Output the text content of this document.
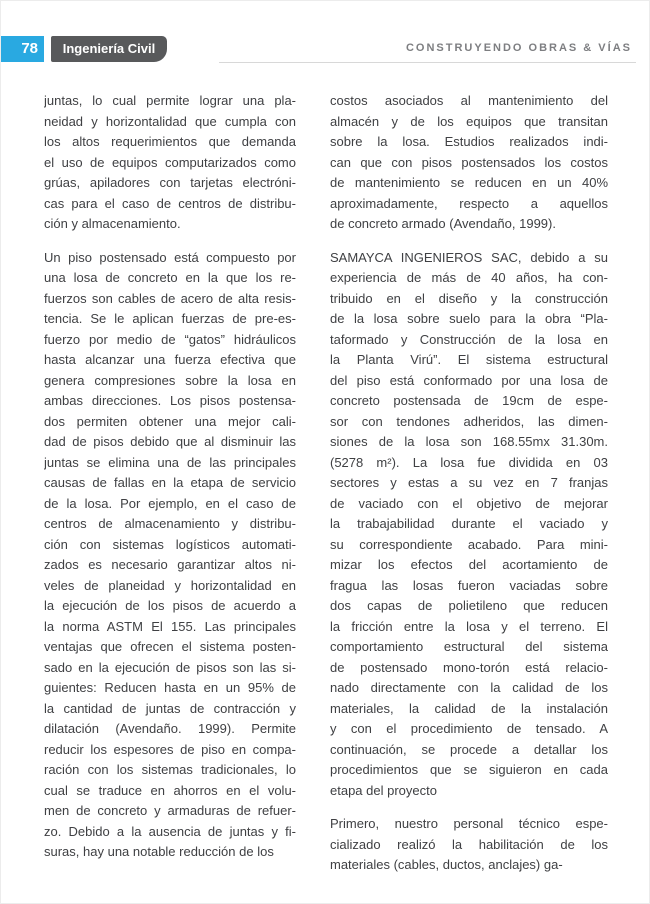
78	Ingeniería Civil	CONSTRUYENDO OBRAS & VÍAS
juntas, lo cual permite lograr una pla-
neidad y horizontalidad que cumpla con
los altos requerimientos que demanda
el uso de equipos computarizados como
grúas, apiladores con tarjetas electróni-
cas para el caso de centros de distribu-
ción y almacenamiento.
Un piso postensado está compuesto por
una losa de concreto en la que los re-
fuerzos son cables de acero de alta resis-
tencia. Se le aplican fuerzas de pre-es-
fuerzo por medio de “gatos” hidráulicos
hasta alcanzar una fuerza efectiva que
genera compresiones sobre la losa en
ambas direcciones. Los pisos postensa-
dos permiten obtener una mejor cali-
dad de pisos debido que al disminuir las
juntas se elimina una de las principales
causas de fallas en la etapa de servicio
de la losa. Por ejemplo, en el caso de
centros de almacenamiento y distribu-
ción con sistemas logísticos automati-
zados es necesario garantizar altos ni-
veles de planeidad y horizontalidad en
la ejecución de los pisos de acuerdo a
la norma ASTM El 155. Las principales
ventajas que ofrecen el sistema posten-
sado en la ejecución de pisos son las si-
guientes: Reducen hasta en un 95% de
la cantidad de juntas de contracción y
dilatación (Avendaño. 1999). Permite
reducir los espesores de piso en compa-
ración con los sistemas tradicionales, lo
cual se traduce en ahorros en el volu-
men de concreto y armaduras de refuer-
zo. Debido a la ausencia de juntas y fi-
suras, hay una notable reducción de los
costos asociados al mantenimiento del
almacén y de los equipos que transitan
sobre la losa. Estudios realizados indi-
can que con pisos postensados los costos
de mantenimiento se reducen en un 40%
aproximadamente, respecto a aquellos
de concreto armado (Avendaño, 1999).
SAMAYCA INGENIEROS SAC, debido a su
experiencia de más de 40 años, ha con-
tribuido en el diseño y la construcción
de la losa sobre suelo para la obra “Pla-
taformado y Construcción de la losa en
la Planta Virú”. El sistema estructural
del piso está conformado por una losa de
concreto postensada de 19cm de espe-
sor con tendones adheridos, las dimen-
siones de la losa son 168.55mx 31.30m.
(5278 m²). La losa fue dividida en 03
sectores y estas a su vez en 7 franjas
de vaciado con el objetivo de mejorar
la trabajabilidad durante el vaciado y
su correspondiente acabado. Para mini-
mizar los efectos del acortamiento de
fragua las losas fueron vaciadas sobre
dos capas de polietileno que reducen
la fricción entre la losa y el terreno. El
comportamiento estructural del sistema
de postensado mono-torón está relacio-
nado directamente con la calidad de los
materiales, la calidad de la instalación
y con el procedimiento de tensado. A
continuación, se procede a detallar los
procedimientos que se siguieron en cada
etapa del proyecto
Primero, nuestro personal técnico espe-
cializado realizó la habilitación de los
materiales (cables, ductos, anclajes) ga-
